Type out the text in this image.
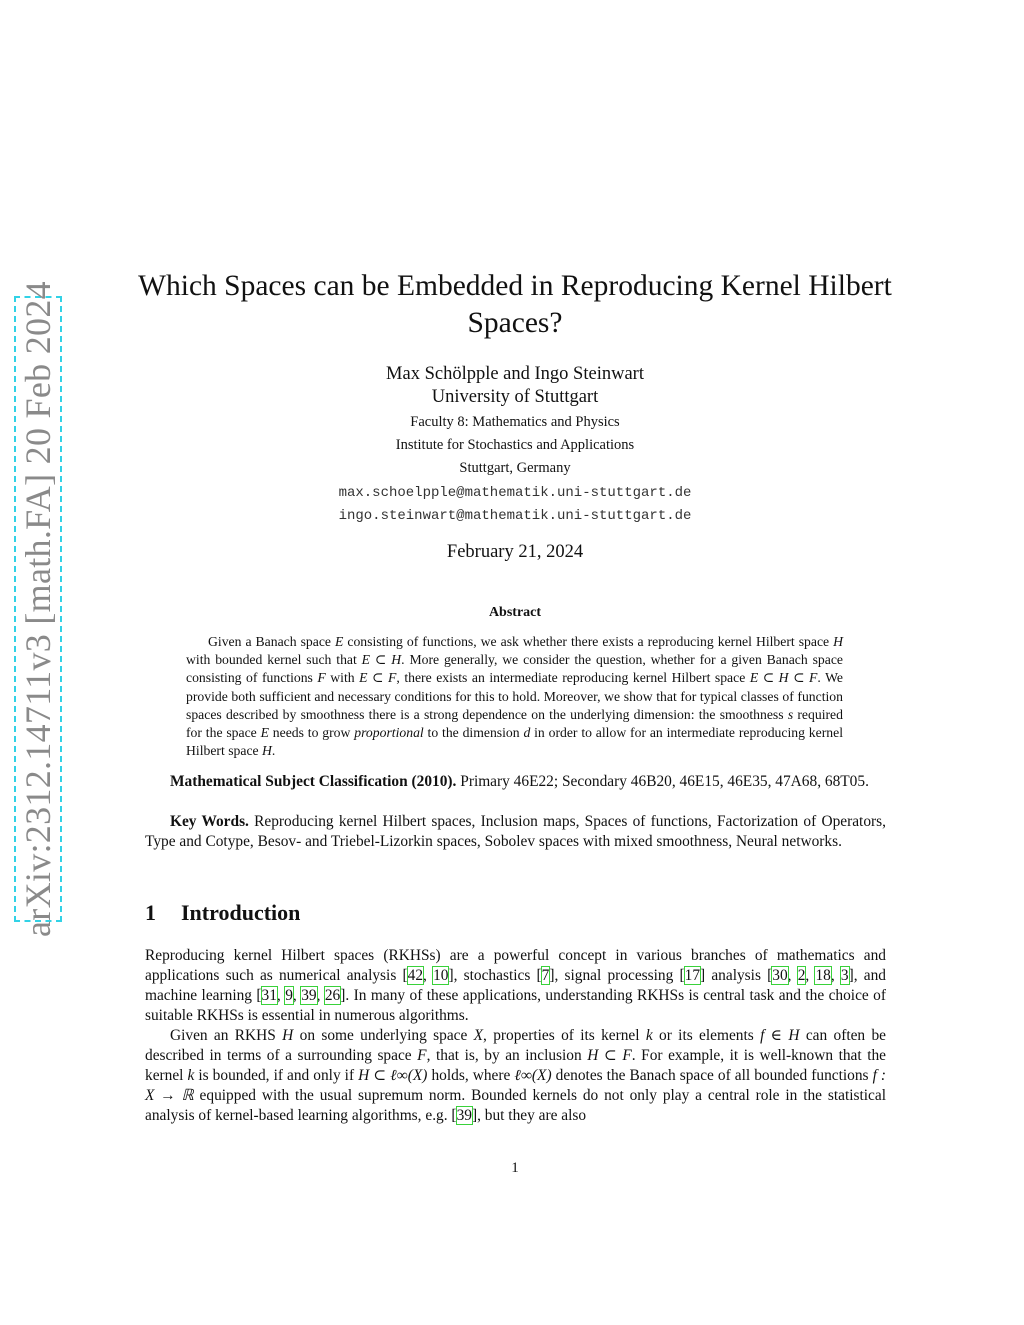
arXiv:2312.14711v3 [math.FA] 20 Feb 2024	Which Spaces can be Embedded in Reproducing Kernel Hilbert Spaces?
Max Schölpple and Ingo Steinwart
University of Stuttgart
Faculty 8: Mathematics and Physics
Institute for Stochastics and Applications
Stuttgart, Germany
max.schoelpple@mathematik.uni-stuttgart.de
ingo.steinwart@mathematik.uni-stuttgart.de
February 21, 2024
Abstract
Given a Banach space E consisting of functions, we ask whether there exists a reproducing kernel Hilbert space H with bounded kernel such that E ⊂ H. More generally, we consider the question, whether for a given Banach space consisting of functions F with E ⊂ F, there exists an intermediate reproducing kernel Hilbert space E ⊂ H ⊂ F. We provide both sufficient and necessary conditions for this to hold. Moreover, we show that for typical classes of function spaces described by smoothness there is a strong dependence on the underlying dimension: the smoothness s required for the space E needs to grow proportional to the dimension d in order to allow for an intermediate reproducing kernel Hilbert space H.
Mathematical Subject Classification (2010). Primary 46E22; Secondary 46B20, 46E15, 46E35, 47A68, 68T05.
Key Words. Reproducing kernel Hilbert spaces, Inclusion maps, Spaces of functions, Factorization of Operators, Type and Cotype, Besov- and Triebel-Lizorkin spaces, Sobolev spaces with mixed smoothness, Neural networks.
1 Introduction
Reproducing kernel Hilbert spaces (RKHSs) are a powerful concept in various branches of mathematics and applications such as numerical analysis [42, 10], stochastics [7], signal processing [17] analysis [30, 2, 18, 3], and machine learning [31, 9, 39, 26]. In many of these applications, understanding RKHSs is central task and the choice of suitable RKHSs is essential in numerous algorithms.
Given an RKHS H on some underlying space X, properties of its kernel k or its elements f ∈ H can often be described in terms of a surrounding space F, that is, by an inclusion H ⊂ F. For example, it is well-known that the kernel k is bounded, if and only if H ⊂ ℓ∞(X) holds, where ℓ∞(X) denotes the Banach space of all bounded functions f : X → ℝ equipped with the usual supremum norm. Bounded kernels do not only play a central role in the statistical analysis of kernel-based learning algorithms, e.g. [39], but they are also
1
